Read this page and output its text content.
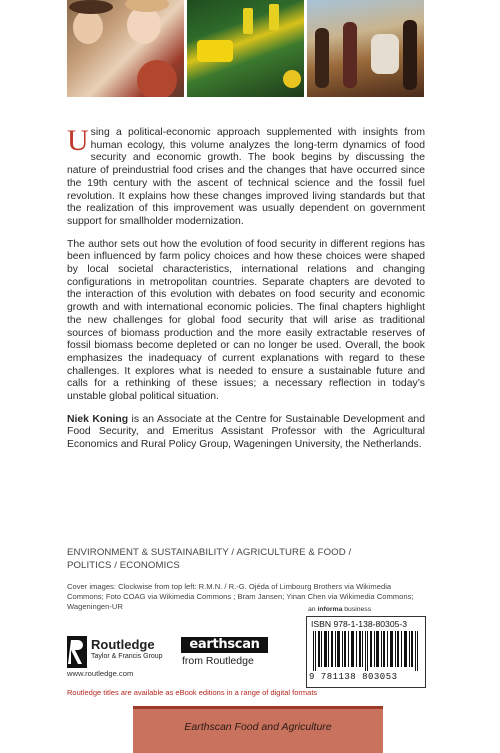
Using a political-economic approach supplemented with insights from human ecology, this volume analyzes the long-term dynamics of food security and economic growth. The book begins by discussing the nature of preindustrial food crises and the changes that have occurred since the 19th century with the ascent of technical science and the fossil fuel revolution. It explains how these changes improved living standards but that the realization of this improvement was usually dependent on government support for smallholder modernization.

The author sets out how the evolution of food security in different regions has been influenced by farm policy choices and how these choices were shaped by local societal characteristics, international relations and changing configurations in metropolitan countries. Separate chapters are devoted to the interaction of this evolution with debates on food security and economic growth and with international economic policies. The final chapters highlight the new challenges for global food security that will arise as traditional sources of biomass production and the more easily extractable reserves of fossil biomass become depleted or can no longer be used. Overall, the book emphasizes the inadequacy of current explanations with regard to these challenges. It explores what is needed to ensure a sustainable future and calls for a rethinking of these issues; a necessary reflection in today’s unstable global political situation.

Niek Koning is an Associate at the Centre for Sustainable Development and Food Security, and Emeritus Assistant Professor with the Agricultural Economics and Rural Policy Group, Wageningen University, the Netherlands.

ENVIRONMENT & SUSTAINABILITY / AGRICULTURE & FOOD /
POLITICS / ECONOMICS
Cover images: Clockwise from top left: R.M.N. / R.-G. Ojéda of Limbourg Brothers via Wikimedia Commons; Foto COAG via Wikimedia Commons ; Bram Jansen; Yinan Chen via Wikimedia Commons; Wageningen-UR	an informa business
ISBN 978-1-138-80305-3
9 781138 803053
Routledge
Taylor & Francis Group
www.routledge.com
earthscan
from Routledge
Routledge titles are available as eBook editions in a range of digital formats
Earthscan Food and Agriculture
